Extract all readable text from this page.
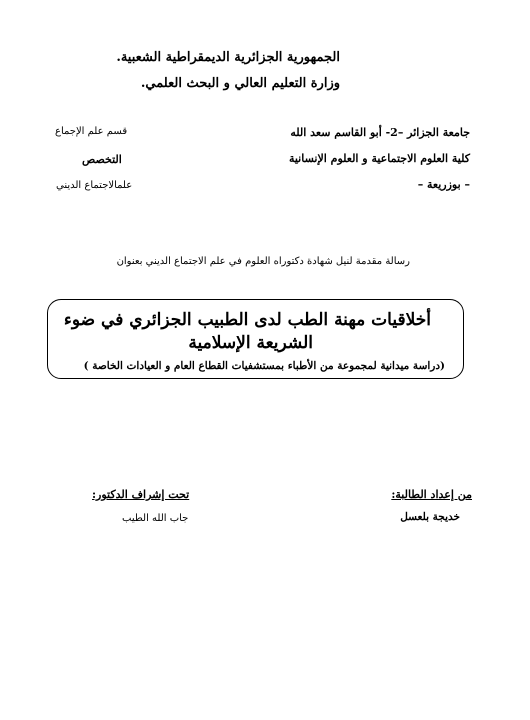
الجمهورية الجزائرية الديمقراطية الشعبية.
وزارة التعليم العالي و البحث العلمي.
جامعة الجزائر –2- أبو القاسم سعد الله
كلية العلوم الاجتماعية و العلوم الإنسانية
– بوزريعة –
قسم علم الإجماع
التخصص
علمالاجتماع الديني
رسالة مقدمة لنيل شهادة دكتوراه العلوم في علم الاجتماع الديني بعنوان
أخلاقيات مهنة الطب لدى الطبيب الجزائري في ضوء
الشريعة الإسلامية
(دراسة ميدانية لمجموعة من الأطباء بمستشفيات القطاع العام و العيادات الخاصة )
من إعداد الطالبة:
خديجة بلعسل
تحت إشراف الدكتور:
جاب الله الطيب
